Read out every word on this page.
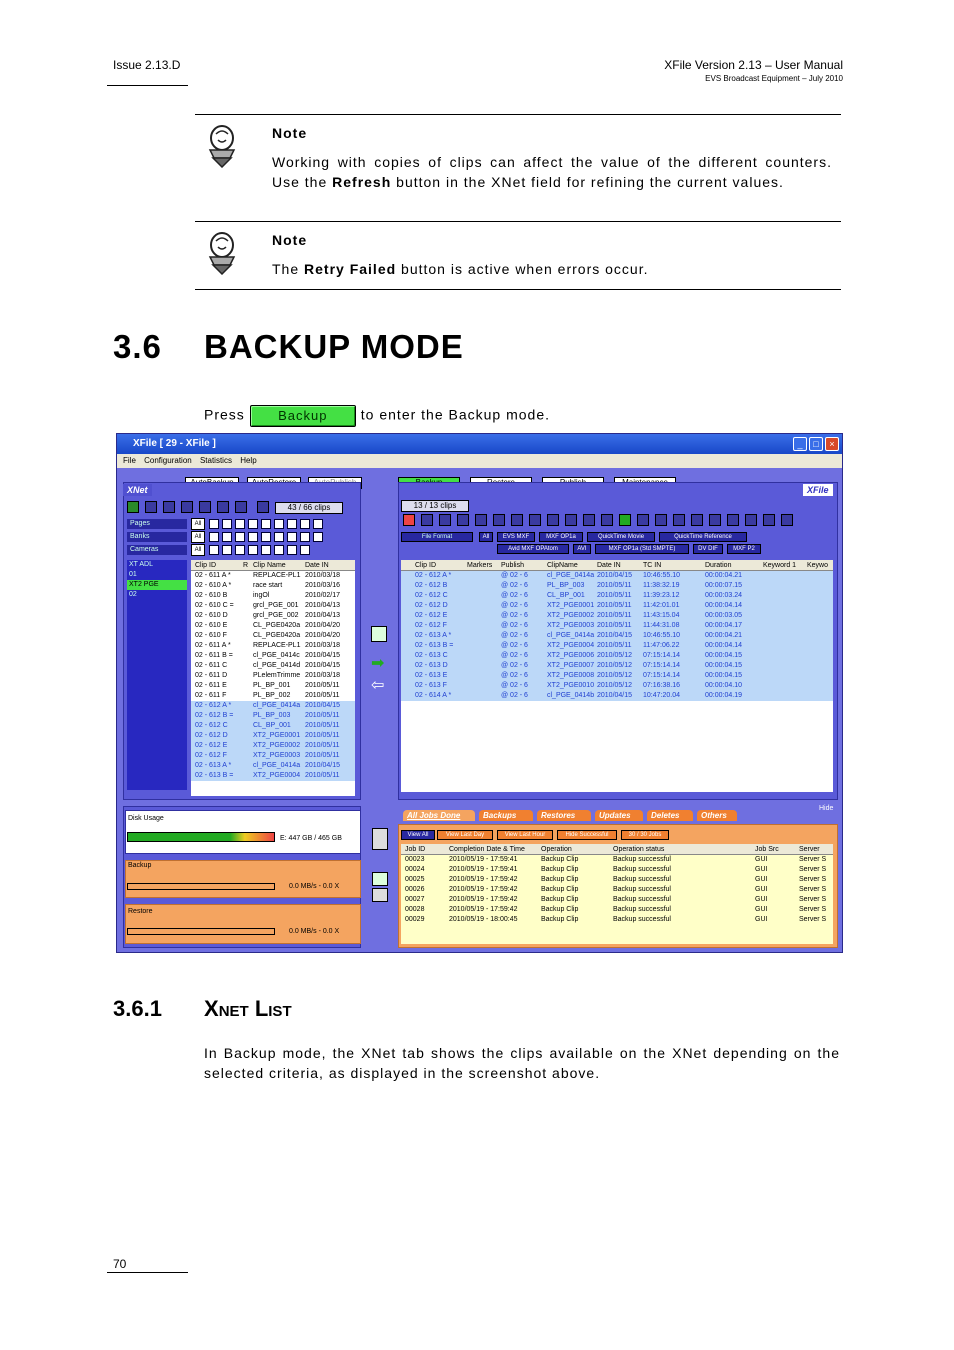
Issue 2.13.D	XFile Version 2.13 – User Manual
EVS Broadcast Equipment – July 2010
Note
Working with copies of clips can affect the value of the different counters. Use the Refresh button in the XNet field for refining the current values.
Note
The Retry Failed button is active when errors occur.
3.6 BACKUP MODE
Press	Backup to enter the Backup mode.
XFile [ 29 - XFile ]	_	□	×
File Configuration Statistics Help
XNet
43 / 66 clips
Pages
Banks
Cameras
All
All
All
XT ADL
01
XT2 PGE
02
Clip ID	R Clip Name	Date IN
02 - 611 A *	REPLACE-PL1 2010/03/18
02 - 610 A *	race start	2010/03/16
02 - 610 B	ingOl	2010/02/17
02 - 610 C =	grcl_PGE_001 2010/04/13
02 - 610 D	grcl_PGE_002 2010/04/13
02 - 610 E	CL_PGE0420a 2010/04/20
02 - 610 F	CL_PGE0420a 2010/04/20
02 - 611 A *	REPLACE-PL1 2010/03/18
02 - 611 B =	cl_PGE_0414c 2010/04/15
02 - 611 C	cl_PGE_0414d 2010/04/15
02 - 611 D	PLelemTrimme 2010/03/18
02 - 611 E	PL_BP_001	2010/05/11
02 - 611 F	PL_BP_002	2010/05/11
02 - 612 A *	cl_PGE_0414a 2010/04/15
02 - 612 B =	PL_BP_003	2010/05/11
02 - 612 C	CL_BP_001	2010/05/11
02 - 612 D	XT2_PGE0001 2010/05/11
02 - 612 E	XT2_PGE0002 2010/05/11
02 - 612 F	XT2_PGE0003 2010/05/11
02 - 613 A *	cl_PGE_0414a 2010/04/15
02 - 613 B =	XT2_PGE0004 2010/05/11
➡
⇦
XFile
13 / 13 clips
Clip ID	Markers	Publish	ClipName	Date IN	TC IN	Duration	Keyword 1	Keywo
02 - 612 A *	@ 02 - 6	cl_PGE_0414a 2010/04/15	10:46:55.10	00:00:04.21
02 - 612 B	@ 02 - 6	PL_BP_003	2010/05/11	11:38:32.19	00:00:07.15
02 - 612 C	@ 02 - 6	CL_BP_001	2010/05/11	11:39:23.12	00:00:03.24
02 - 612 D	@ 02 - 6	XT2_PGE0001 2010/05/11	11:42:01.01	00:00:04.14
02 - 612 E	@ 02 - 6	XT2_PGE0002 2010/05/11	11:43:15.04	00:00:03.05
02 - 612 F	@ 02 - 6	XT2_PGE0003 2010/05/11	11:44:31.08	00:00:04.17
02 - 613 A *	@ 02 - 6	cl_PGE_0414a 2010/04/15	10:46:55.10	00:00:04.21
02 - 613 B =	@ 02 - 6	XT2_PGE0004 2010/05/11	11:47:06.22	00:00:04.14
02 - 613 C	@ 02 - 6	XT2_PGE0006 2010/05/12	07:15:14.14	00:00:04.15
02 - 613 D	@ 02 - 6	XT2_PGE0007 2010/05/12	07:15:14.14	00:00:04.15
02 - 613 E	@ 02 - 6	XT2_PGE0008 2010/05/12	07:15:14.14	00:00:04.15
02 - 613 F	@ 02 - 6	XT2_PGE0010 2010/05/12	07:16:38.16	00:00:04.10
02 - 614 A *	@ 02 - 6	cl_PGE_0414b 2010/04/15	10:47:20.04	00:00:04.19
Disk Usage
E: 447 GB / 465 GB
Backup
0.0 MB/s - 0.0 X
Restore
0.0 MB/s - 0.0 X
Hide
Job ID	Completion Date & Time	Operation	Operation status	Job Src	Server
00023	2010/05/19 - 17:59:41	Backup Clip	Backup successful	GUI	Server S
00024	2010/05/19 - 17:59:41	Backup Clip	Backup successful	GUI	Server S
00025	2010/05/19 - 17:59:42	Backup Clip	Backup successful	GUI	Server S
00026	2010/05/19 - 17:59:42	Backup Clip	Backup successful	GUI	Server S
00027	2010/05/19 - 17:59:42	Backup Clip	Backup successful	GUI	Server S
00028	2010/05/19 - 17:59:42	Backup Clip	Backup successful	GUI	Server S
00029	2010/05/19 - 18:00:45	Backup Clip	Backup successful	GUI	Server S
File Format	All	EVS MXF	MXF OP1a	QuickTime Movie	QuickTime Reference
Avid MXF OPAtom	AVI	MXF OP1a (Std SMPTE)	DV DIF	MXF P2
All Jobs Done	Backups	Restores	Updates	Deletes	Others
View All	View Last Day	View Last Hour	Hide Successful	30 / 30 Jobs
3.6.1 XNET LIST
In Backup mode, the XNet tab shows the clips available on the XNet depending on the selected criteria, as displayed in the screenshot above.
70
